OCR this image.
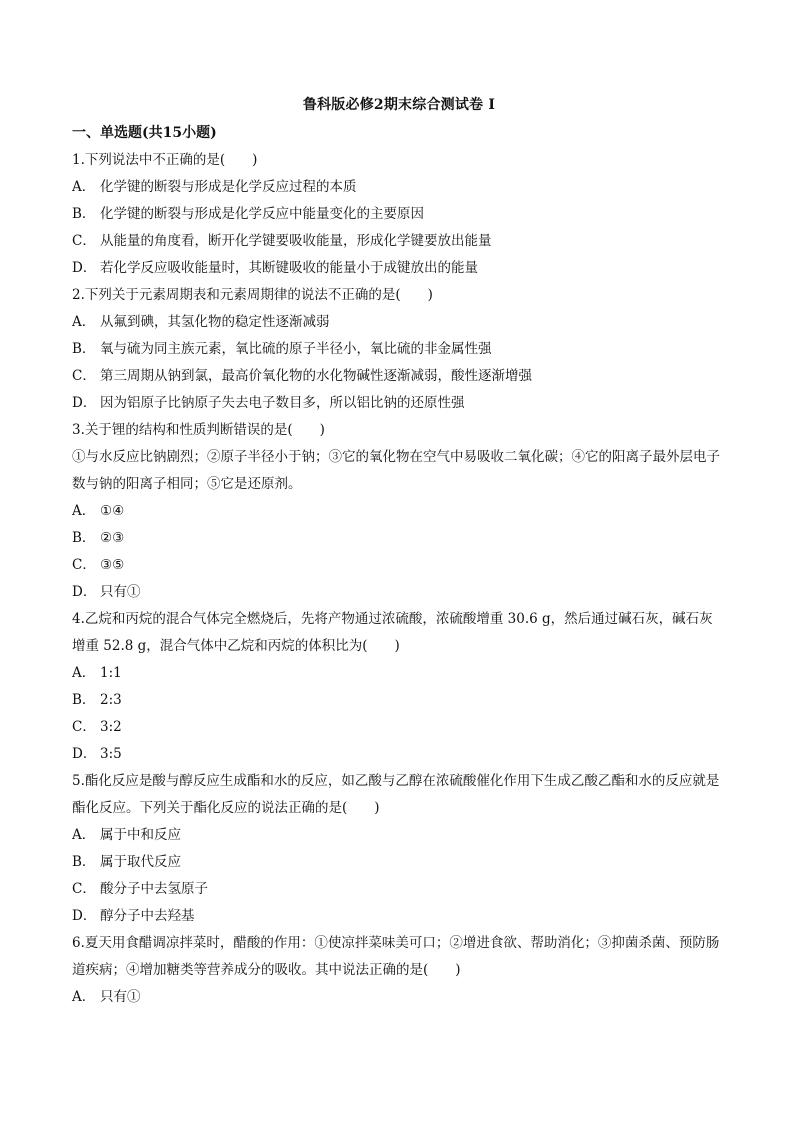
鲁科版必修2期末综合测试卷 I
一、单选题(共15小题)
1.下列说法中不正确的是(　　)
A． 化学键的断裂与形成是化学反应过程的本质
B． 化学键的断裂与形成是化学反应中能量变化的主要原因
C． 从能量的角度看，断开化学键要吸收能量，形成化学键要放出能量
D． 若化学反应吸收能量时，其断键吸收的能量小于成键放出的能量
2.下列关于元素周期表和元素周期律的说法不正确的是(　　)
A． 从氟到碘，其氢化物的稳定性逐渐减弱
B． 氧与硫为同主族元素，氧比硫的原子半径小，氧比硫的非金属性强
C． 第三周期从钠到氯，最高价氧化物的水化物碱性逐渐减弱，酸性逐渐增强
D． 因为铝原子比钠原子失去电子数目多，所以铝比钠的还原性强
3.关于锂的结构和性质判断错误的是(　　)
①与水反应比钠剧烈；②原子半径小于钠；③它的氧化物在空气中易吸收二氧化碳；④它的阳离子最外层电子数与钠的阳离子相同；⑤它是还原剂。
A． ①④
B． ②③
C． ③⑤
D． 只有①
4.乙烷和丙烷的混合气体完全燃烧后，先将产物通过浓硫酸，浓硫酸增重 30.6 g，然后通过碱石灰，碱石灰增重 52.8 g，混合气体中乙烷和丙烷的体积比为(　　)
A． 1:1
B． 2:3
C． 3:2
D． 3:5
5.酯化反应是酸与醇反应生成酯和水的反应，如乙酸与乙醇在浓硫酸催化作用下生成乙酸乙酯和水的反应就是酯化反应。下列关于酯化反应的说法正确的是(　　)
A． 属于中和反应
B． 属于取代反应
C． 酸分子中去氢原子
D． 醇分子中去羟基
6.夏天用食醋调凉拌菜时，醋酸的作用：①使凉拌菜味美可口；②增进食欲、帮助消化；③抑菌杀菌、预防肠道疾病；④增加糖类等营养成分的吸收。其中说法正确的是(　　)
A． 只有①
